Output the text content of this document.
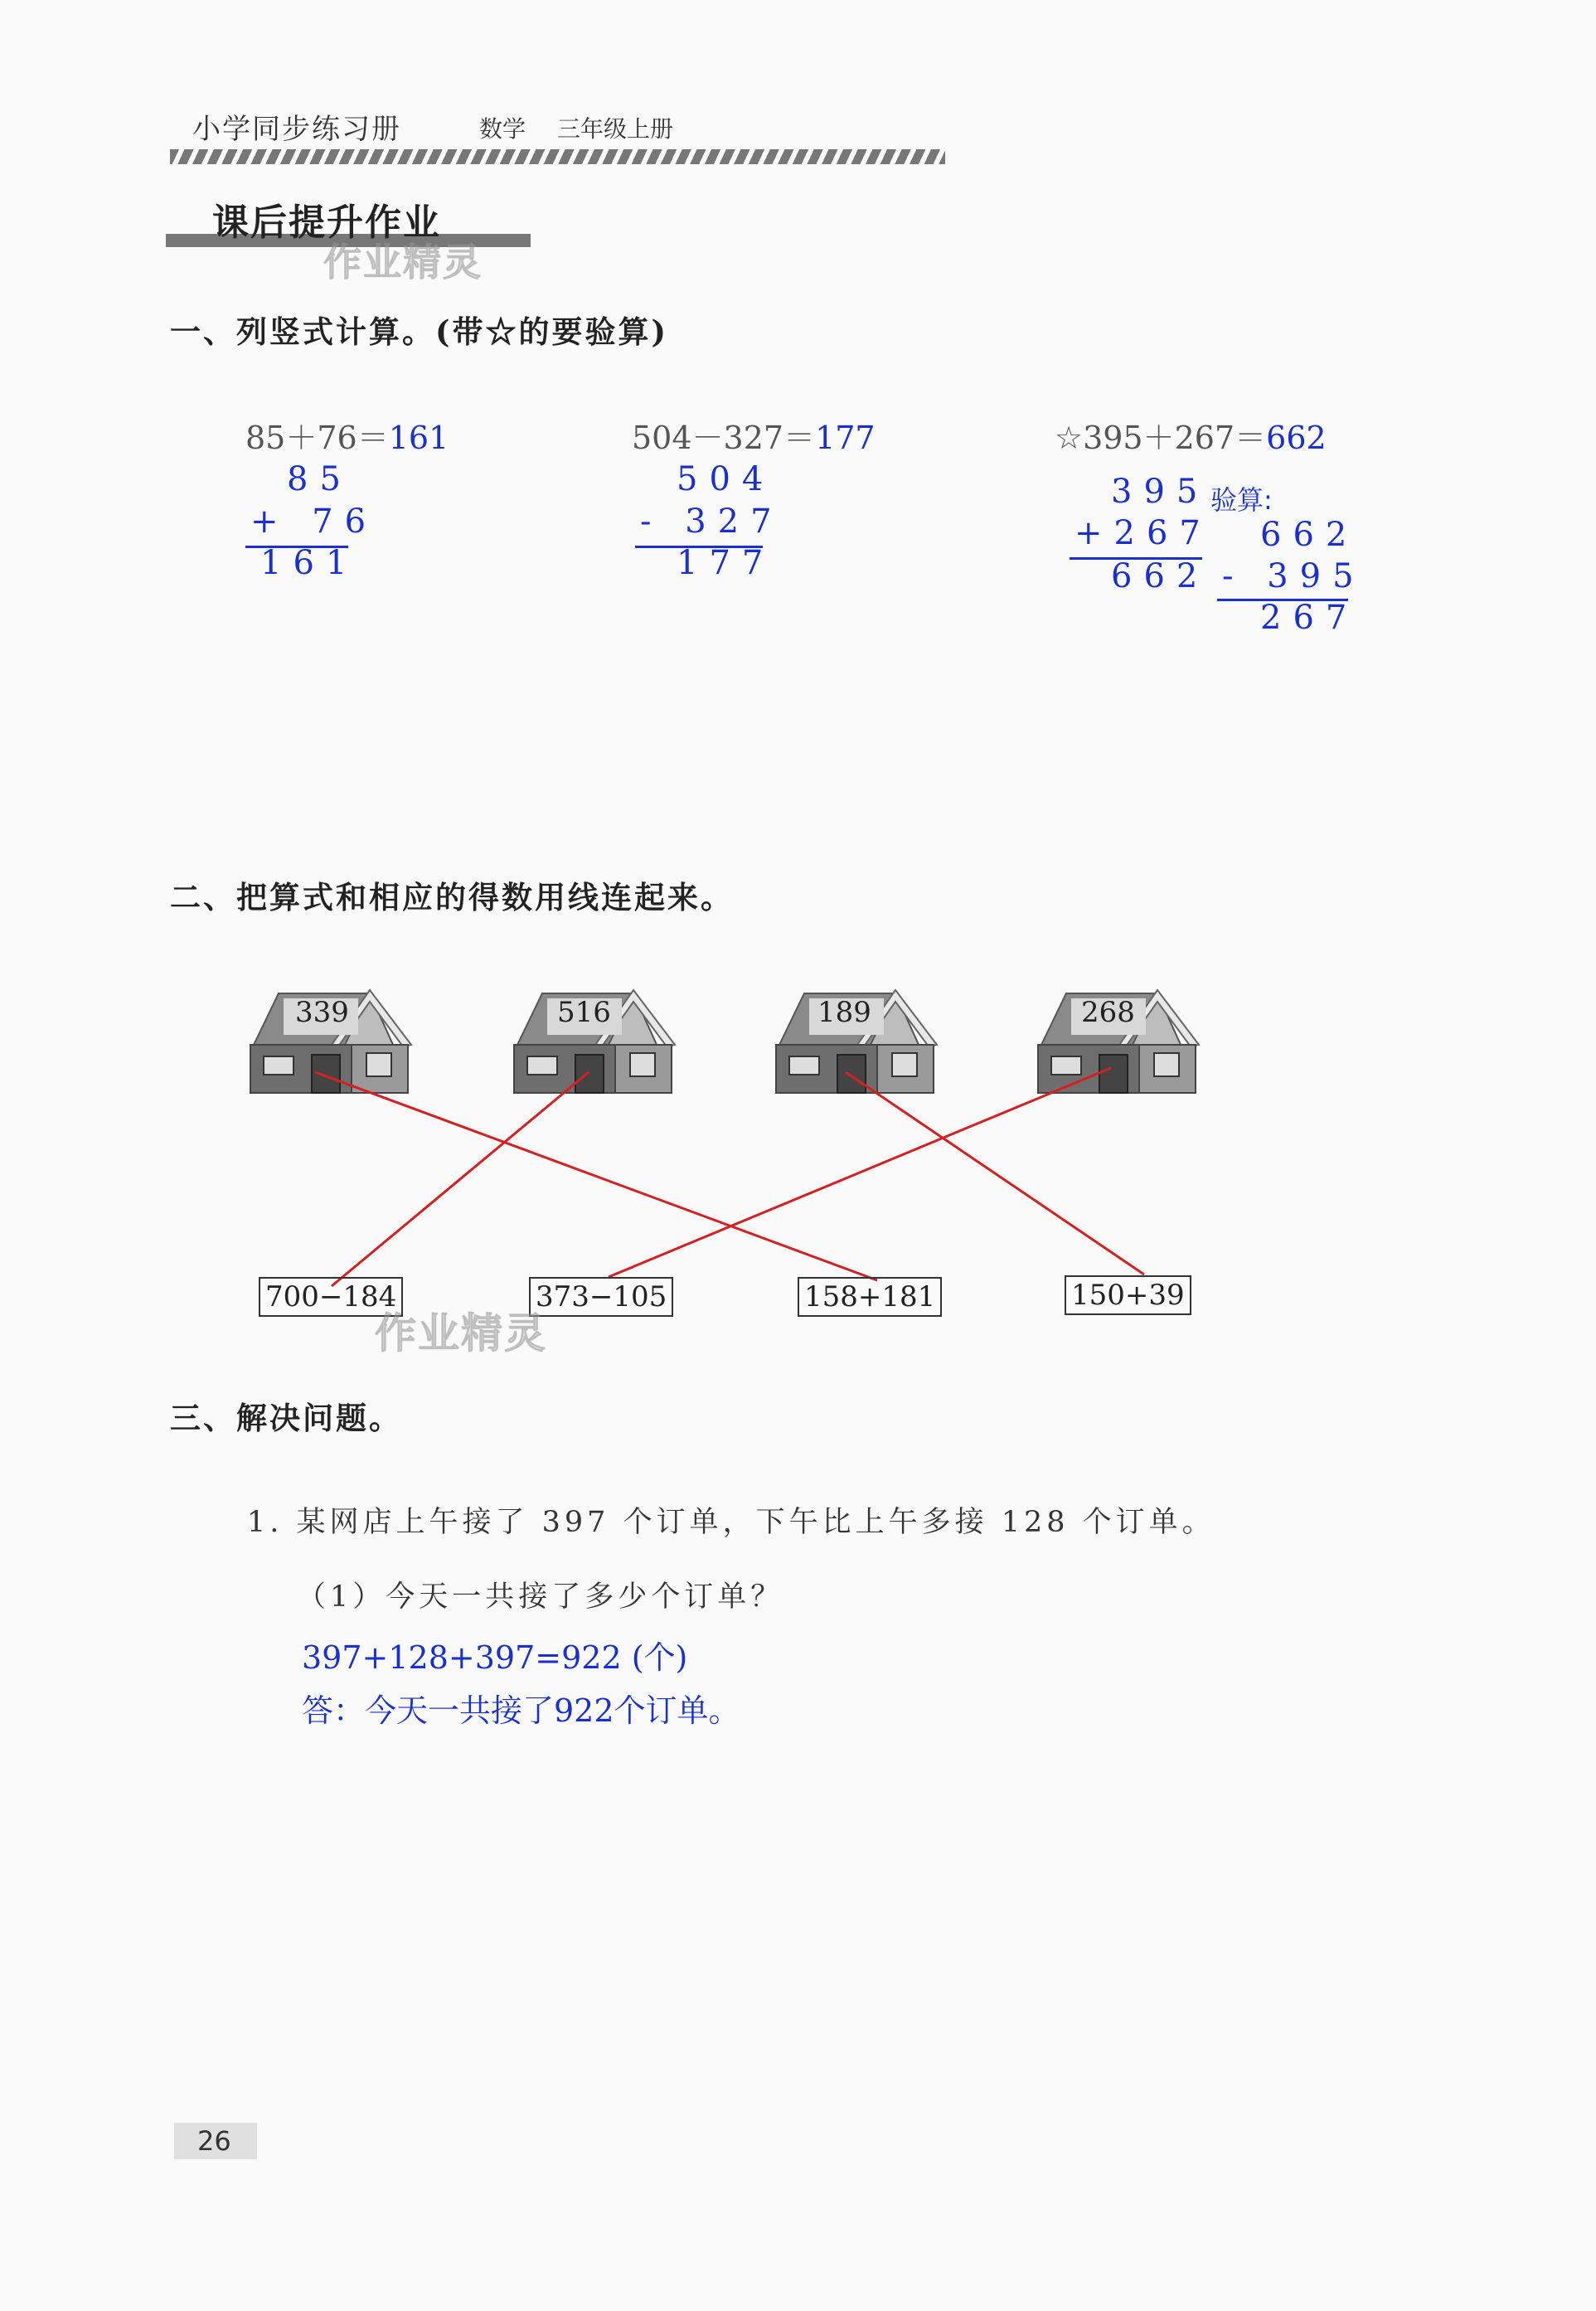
小学同步练习册	数学 三年级上册
课后提升作业
作业精灵
一、列竖式计算。(带☆的要验算)
85＋76＝161
85
+ 76
161
504－327＝177
504
- 327
177
☆395＋267＝662
395
+267
662
验算:
662
- 395
267
二、把算式和相应的得数用线连起来。
339	516	189	268
700−184	373−105	158+181	150+39
作业精灵
三、解决问题。
1. 某网店上午接了 397 个订单，下午比上午多接 128 个订单。
（1）今天一共接了多少个订单？
397+128+397=922 (个)
答：今天一共接了922个订单。
26
